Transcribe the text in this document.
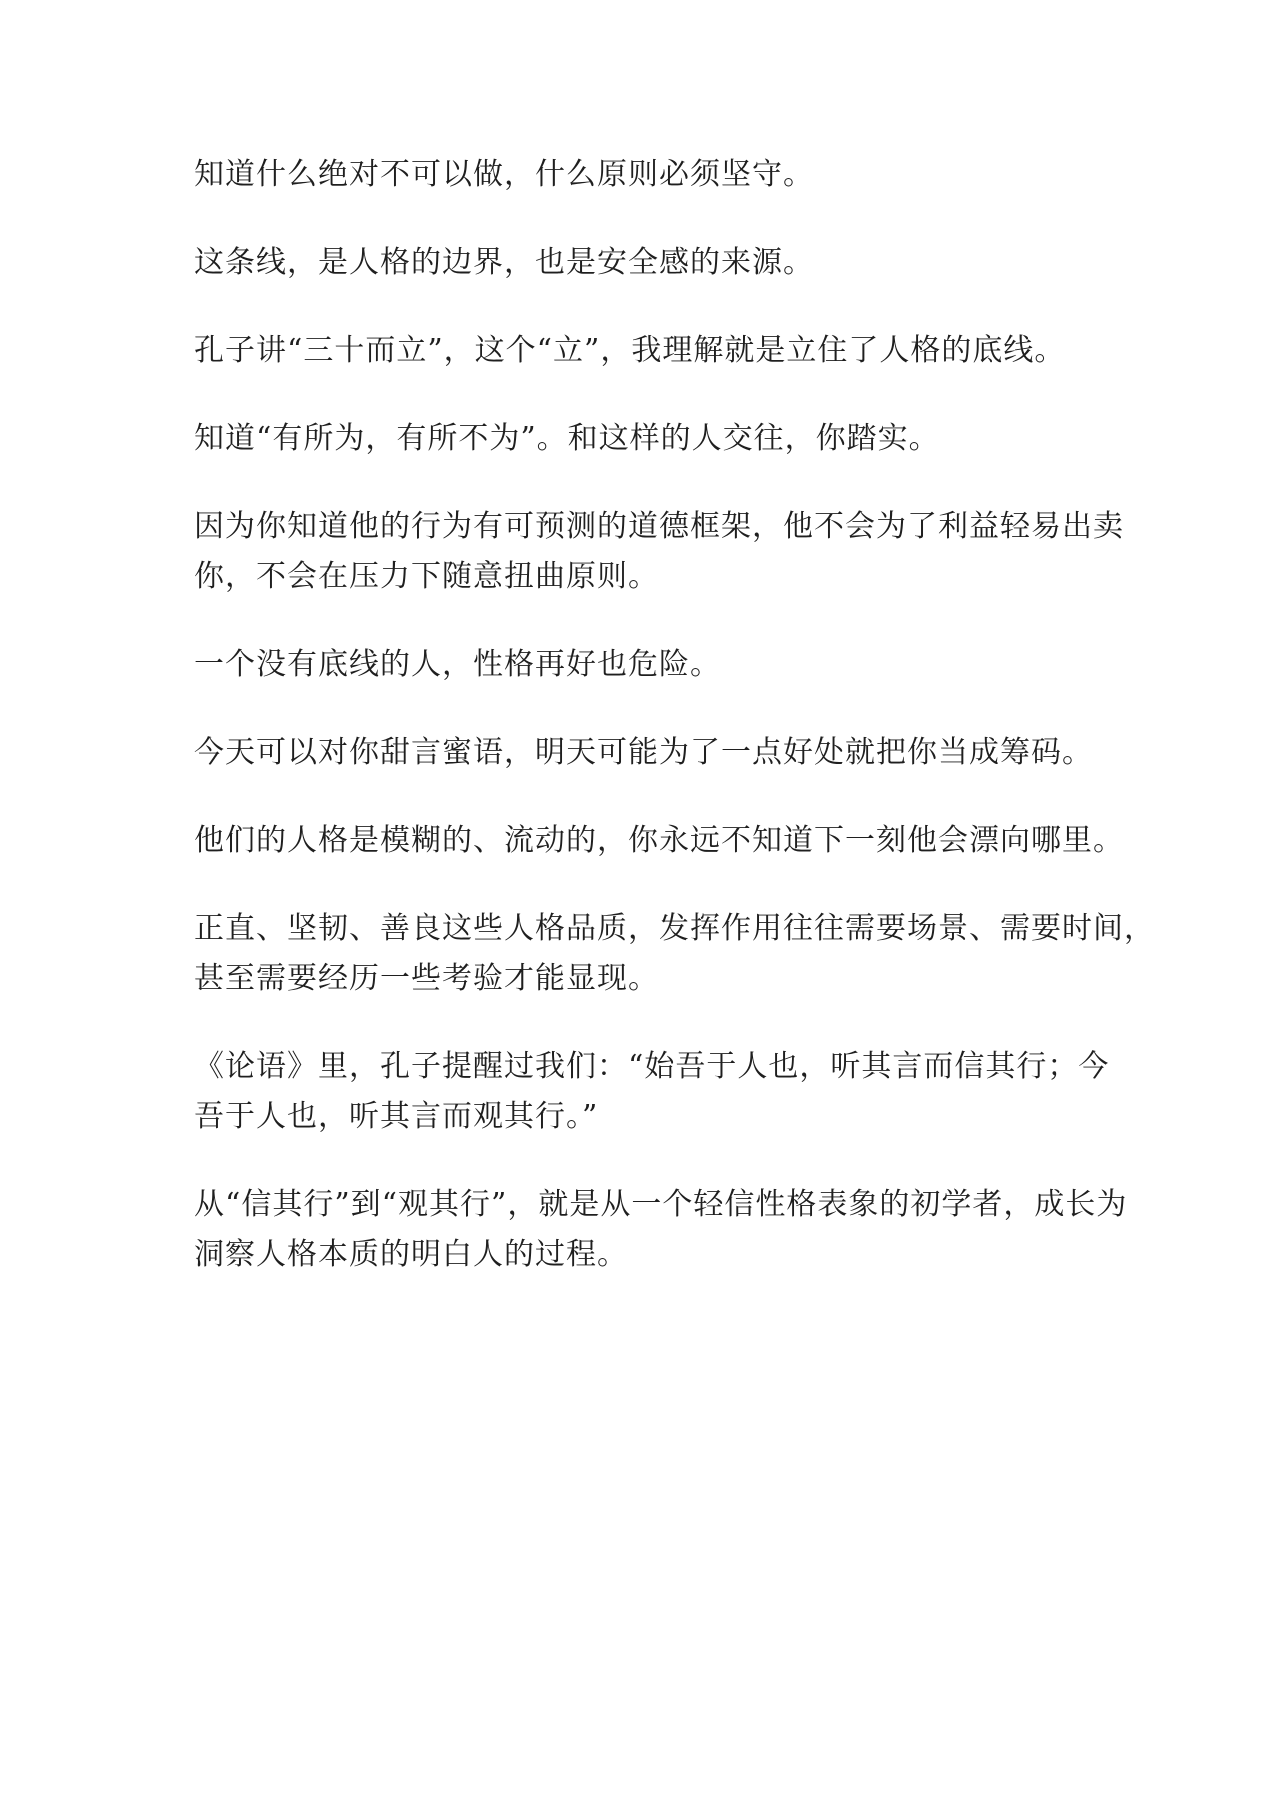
知道什么绝对不可以做，什么原则必须坚守。

这条线，是人格的边界，也是安全感的来源。

孔子讲“三十而立”，这个“立”，我理解就是立住了人格的底线。

知道“有所为，有所不为”。和这样的人交往，你踏实。

因为你知道他的行为有可预测的道德框架，他不会为了利益轻易出卖
你，不会在压力下随意扭曲原则。

一个没有底线的人，性格再好也危险。

今天可以对你甜言蜜语，明天可能为了一点好处就把你当成筹码。

他们的人格是模糊的、流动的，你永远不知道下一刻他会漂向哪里。

正直、坚韧、善良这些人格品质，发挥作用往往需要场景、需要时间，
甚至需要经历一些考验才能显现。

《论语》里，孔子提醒过我们：“始吾于人也，听其言而信其行；今
吾于人也，听其言而观其行。”

从“信其行”到“观其行”，就是从一个轻信性格表象的初学者，成长为
洞察人格本质的明白人的过程。
